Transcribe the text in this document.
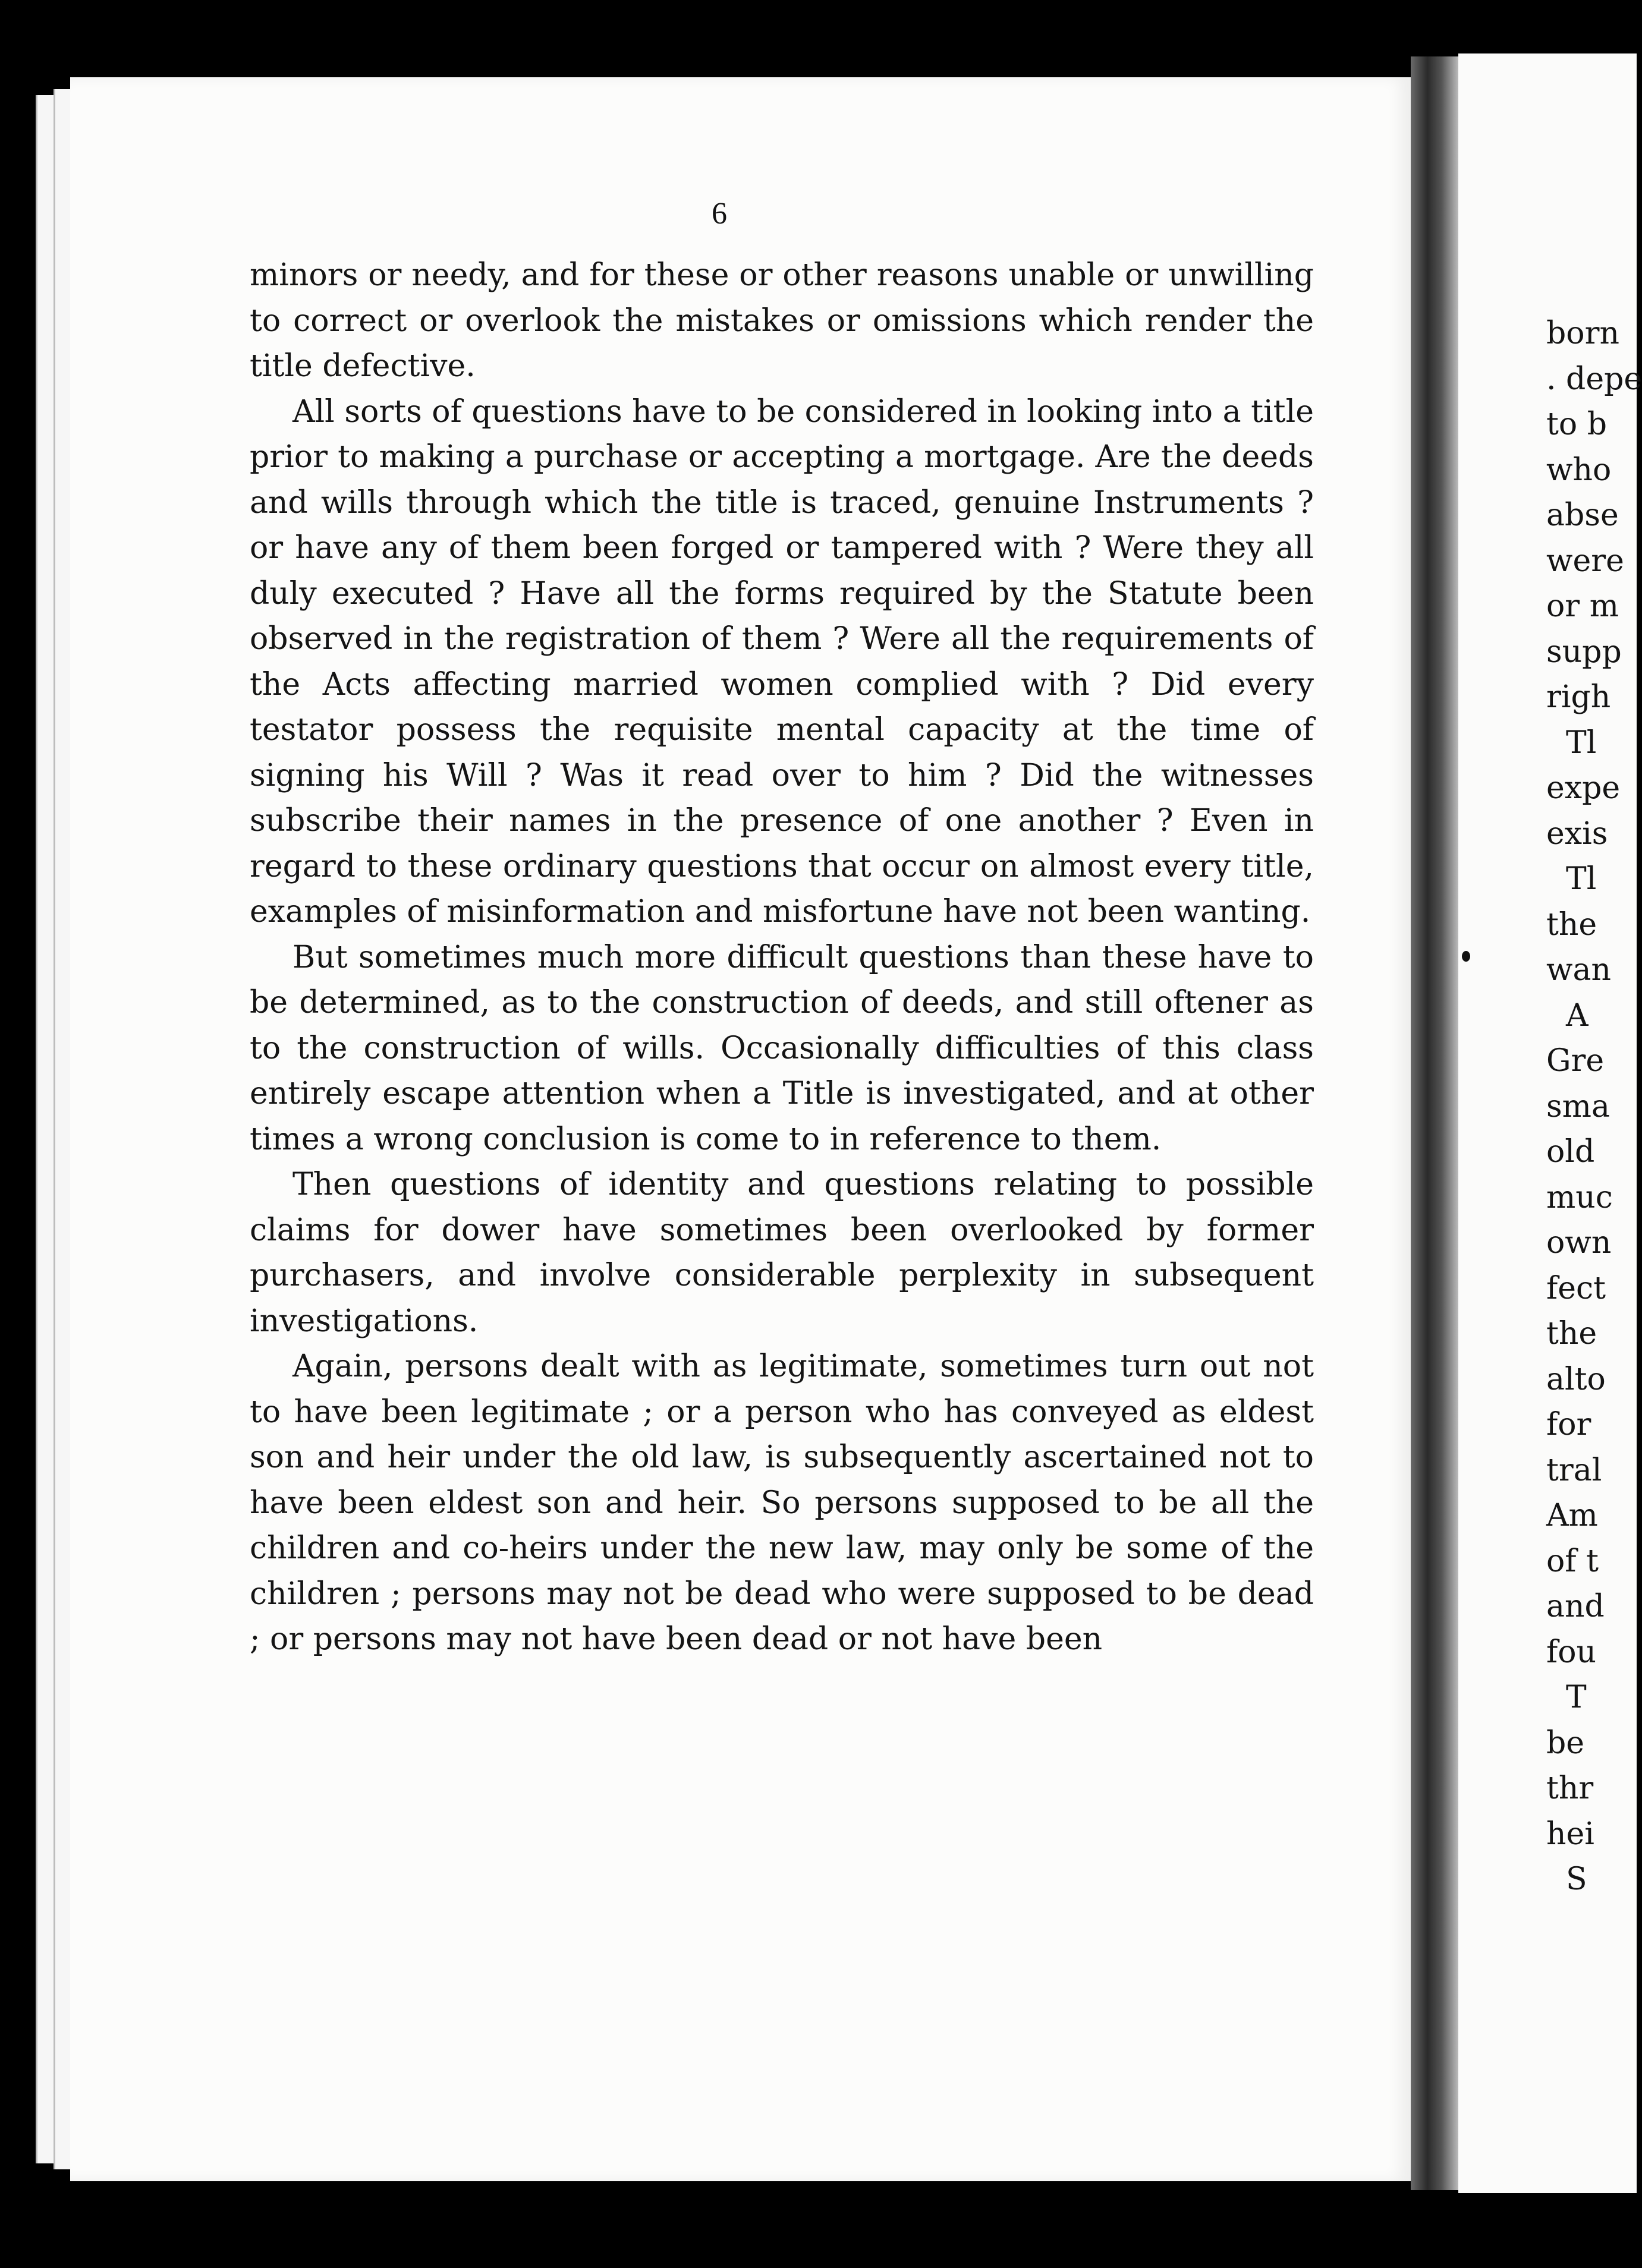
6

minors or needy, and for these or other reasons unable or unwilling to correct or overlook the mistakes or omissions which render the title defective.

All sorts of questions have to be considered in looking into a title prior to making a purchase or accepting a mortgage. Are the deeds and wills through which the title is traced, genuine Instruments ? or have any of them been forged or tampered with ? Were they all duly executed ? Have all the forms required by the Statute been observed in the registration of them ? Were all the requirements of the Acts affecting married women complied with ? Did every testator possess the requisite mental capacity at the time of signing his Will ? Was it read over to him ? Did the witnesses subscribe their names in the presence of one another ? Even in regard to these ordinary questions that occur on almost every title, examples of misinformation and misfortune have not been wanting.

But sometimes much more difficult questions than these have to be determined, as to the construction of deeds, and still oftener as to the construction of wills. Occasionally difficulties of this class entirely escape attention when a Title is investigated, and at other times a wrong conclusion is come to in reference to them.

Then questions of identity and questions relating to possible claims for dower have sometimes been overlooked by former purchasers, and involve considerable perplexity in subsequent investigations.

Again, persons dealt with as legitimate, sometimes turn out not to have been legitimate ; or a person who has conveyed as eldest son and heir under the old law, is subsequently ascertained not to have been eldest son and heir. So persons supposed to be all the children and co-heirs under the new law, may only be some of the children ; persons may not be dead who were supposed to be dead ; or persons may not have been dead or not have been

born
. depe
to b
who
abse
were
or m
supp
righ
Tl
expe
exis
Tl
the
wan
A
Gre
sma
old
muc
own
fect
the
alto
for
tral
Am
of t
and
fou
T
be
thr
hei
S
